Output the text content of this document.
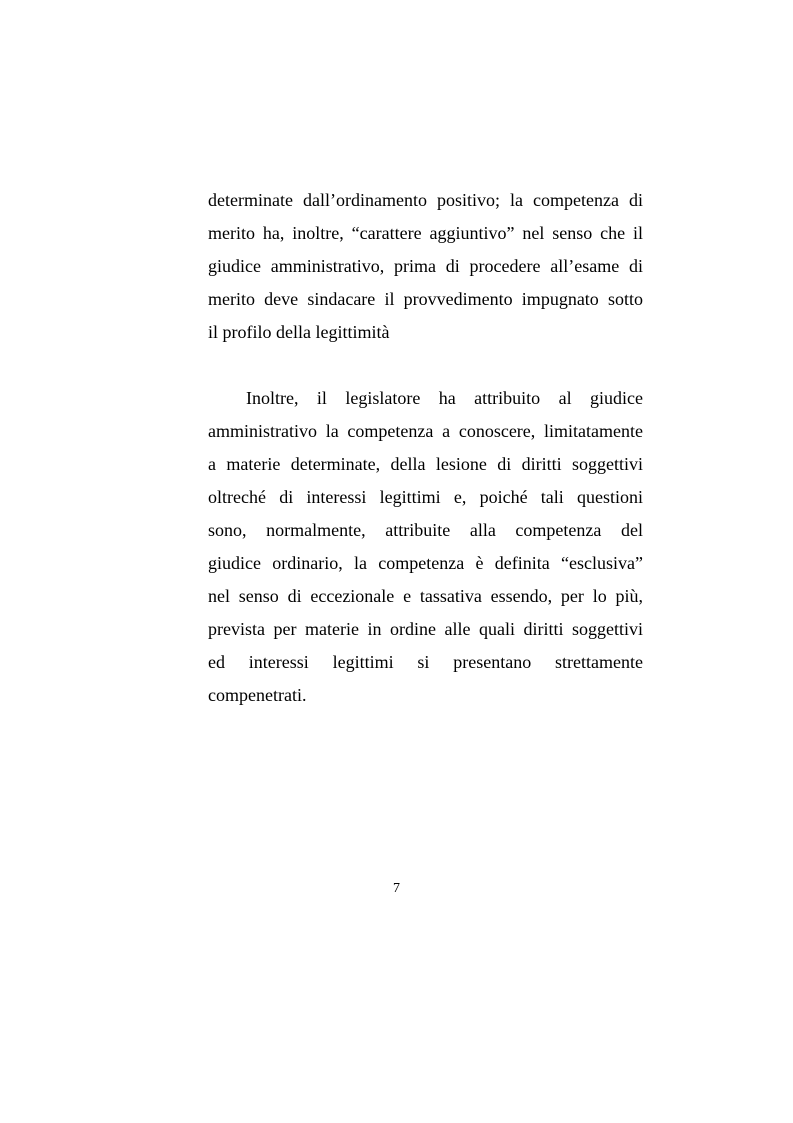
determinate dall’ordinamento positivo; la competenza di
merito ha, inoltre, “carattere aggiuntivo” nel senso che il
giudice amministrativo, prima di procedere all’esame di
merito deve sindacare il provvedimento impugnato sotto
il profilo della legittimità
Inoltre, il legislatore ha attribuito al giudice
amministrativo la competenza a conoscere, limitatamente
a materie determinate, della lesione di diritti soggettivi
oltreché di interessi legittimi e, poiché tali questioni
sono, normalmente, attribuite alla competenza del
giudice ordinario, la competenza è definita “esclusiva”
nel senso di eccezionale e tassativa essendo, per lo più,
prevista per materie in ordine alle quali diritti soggettivi
ed interessi legittimi si presentano strettamente
compenetrati.
7
